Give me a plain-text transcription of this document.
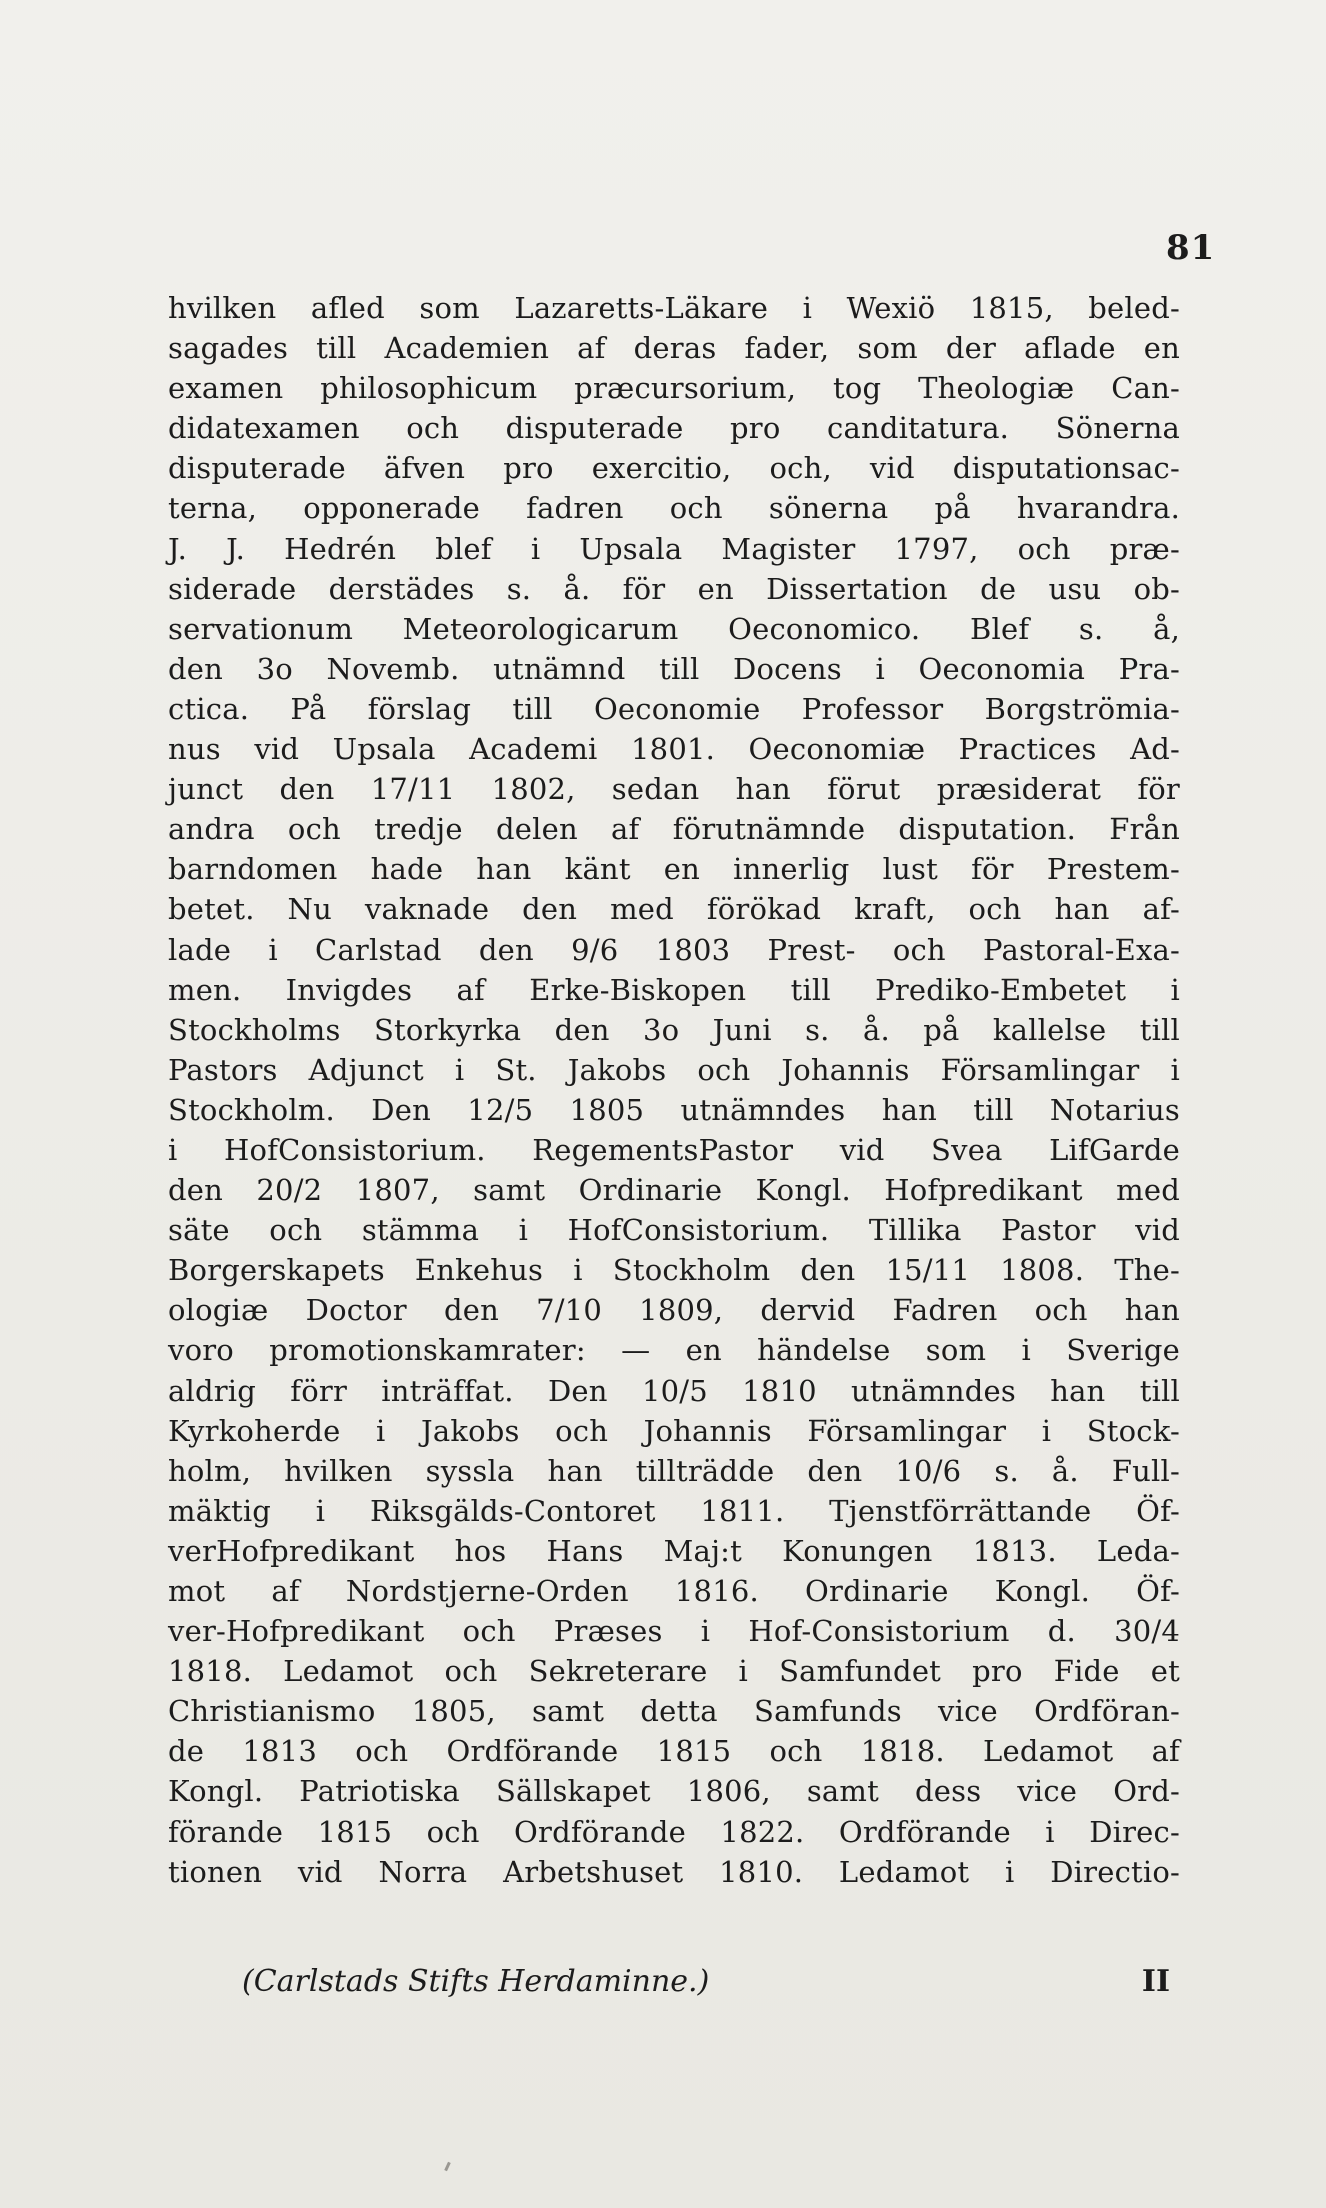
81
hvilken afled som Lazaretts-Läkare i Wexiö 1815, beled-
sagades till Academien af deras fader, som der aflade en
examen philosophicum præcursorium, tog Theologiæ Can-
didatexamen och disputerade pro canditatura. Sönerna
disputerade äfven pro exercitio, och, vid disputationsac-
terna, opponerade fadren och sönerna på hvarandra.
J. J. Hedrén blef i Upsala Magister 1797, och præ-
siderade derstädes s. å. för en Dissertation de usu ob-
servationum Meteorologicarum Oeconomico. Blef s. å,
den 3o Novemb. utnämnd till Docens i Oeconomia Pra-
ctica. På förslag till Oeconomie Professor Borgströmia-
nus vid Upsala Academi 1801. Oeconomiæ Practices Ad-
junct den 17/11 1802, sedan han förut præsiderat för
andra och tredje delen af förutnämnde disputation. Från
barndomen hade han känt en innerlig lust för Prestem-
betet. Nu vaknade den med förökad kraft, och han af-
lade i Carlstad den 9/6 1803 Prest- och Pastoral-Exa-
men. Invigdes af Erke-Biskopen till Prediko-Embetet i
Stockholms Storkyrka den 3o Juni s. å. på kallelse till
Pastors Adjunct i St. Jakobs och Johannis Församlingar i
Stockholm. Den 12/5 1805 utnämndes han till Notarius
i HofConsistorium. RegementsPastor vid Svea LifGarde
den 20/2 1807, samt Ordinarie Kongl. Hofpredikant med
säte och stämma i HofConsistorium. Tillika Pastor vid
Borgerskapets Enkehus i Stockholm den 15/11 1808. The-
ologiæ Doctor den 7/10 1809, dervid Fadren och han
voro promotionskamrater: — en händelse som i Sverige
aldrig förr inträffat. Den 10/5 1810 utnämndes han till
Kyrkoherde i Jakobs och Johannis Församlingar i Stock-
holm, hvilken syssla han tillträdde den 10/6 s. å. Full-
mäktig i Riksgälds-Contoret 1811. Tjenstförrättande Öf-
verHofpredikant hos Hans Maj:t Konungen 1813. Leda-
mot af Nordstjerne-Orden 1816. Ordinarie Kongl. Öf-
ver-Hofpredikant och Præses i Hof-Consistorium d. 30/4
1818. Ledamot och Sekreterare i Samfundet pro Fide et
Christianismo 1805, samt detta Samfunds vice Ordföran-
de 1813 och Ordförande 1815 och 1818. Ledamot af
Kongl. Patriotiska Sällskapet 1806, samt dess vice Ord-
förande 1815 och Ordförande 1822. Ordförande i Direc-
tionen vid Norra Arbetshuset 1810. Ledamot i Directio-
(Carlstads Stifts Herdaminne.)	II
